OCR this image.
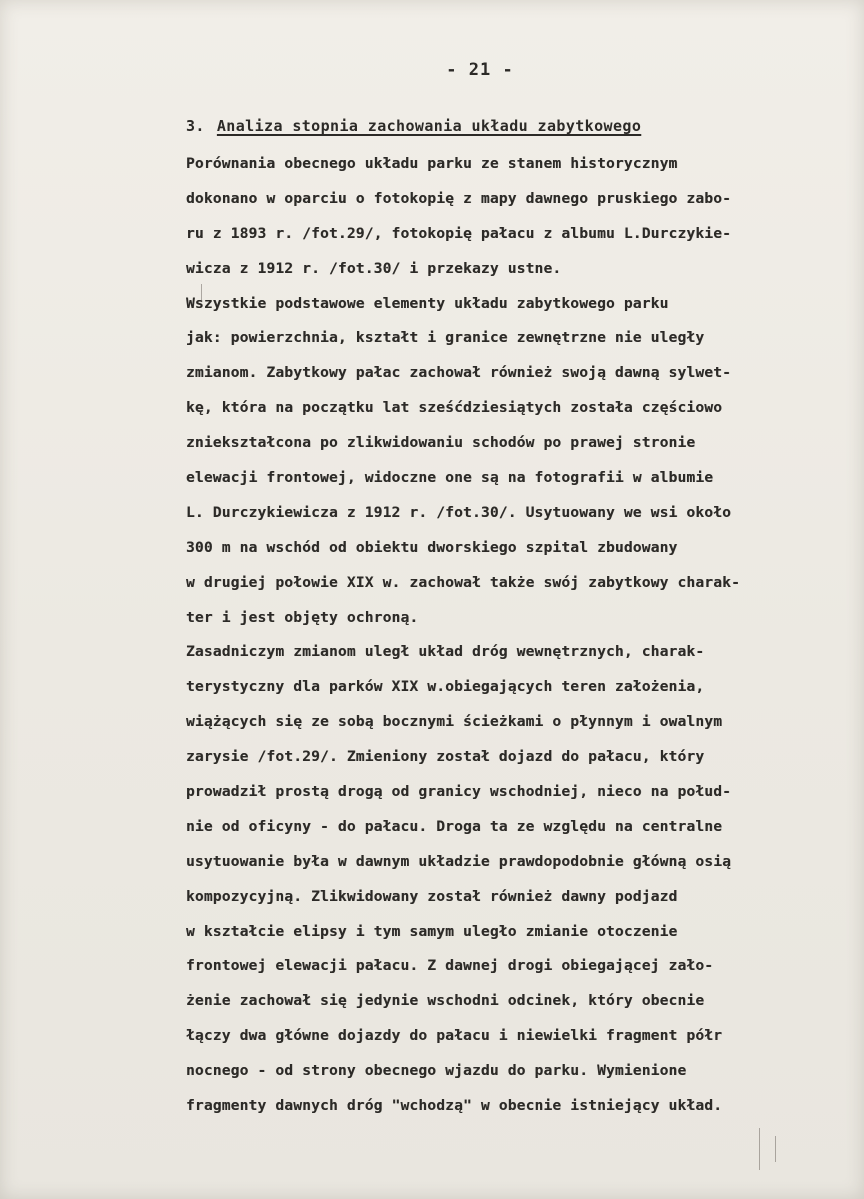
- 21 -
3. Analiza stopnia zachowania układu zabytkowego
Porównania obecnego układu parku ze stanem historycznym
dokonano w oparciu o fotokopię z mapy dawnego pruskiego zabo-
ru z 1893 r. /fot.29/, fotokopię pałacu z albumu L.Durczykie-
wicza z 1912 r. /fot.30/ i przekazy ustne.
Wszystkie podstawowe elementy układu zabytkowego parku
jak: powierzchnia, kształt i granice zewnętrzne nie uległy
zmianom. Zabytkowy pałac zachował również swoją dawną sylwet-
kę, która na początku lat sześćdziesiątych została częściowo
zniekształcona po zlikwidowaniu schodów po prawej stronie
elewacji frontowej, widoczne one są na fotografii w albumie
L. Durczykiewicza z 1912 r. /fot.30/. Usytuowany we wsi około
300 m na wschód od obiektu dworskiego szpital zbudowany
w drugiej połowie XIX w. zachował także swój zabytkowy charak-
ter i jest objęty ochroną.
Zasadniczym zmianom uległ układ dróg wewnętrznych, charak-
terystyczny dla parków XIX w.obiegających teren założenia,
wiążących się ze sobą bocznymi ścieżkami o płynnym i owalnym
zarysie /fot.29/. Zmieniony został dojazd do pałacu, który
prowadził prostą drogą od granicy wschodniej, nieco na połud-
nie od oficyny - do pałacu. Droga ta ze względu na centralne
usytuowanie była w dawnym układzie prawdopodobnie główną osią
kompozycyjną. Zlikwidowany został również dawny podjazd
w kształcie elipsy i tym samym uległo zmianie otoczenie
frontowej elewacji pałacu. Z dawnej drogi obiegającej zało-
żenie zachował się jedynie wschodni odcinek, który obecnie
łączy dwa główne dojazdy do pałacu i niewielki fragment półr
nocnego - od strony obecnego wjazdu do parku. Wymienione
fragmenty dawnych dróg "wchodzą" w obecnie istniejący układ.
